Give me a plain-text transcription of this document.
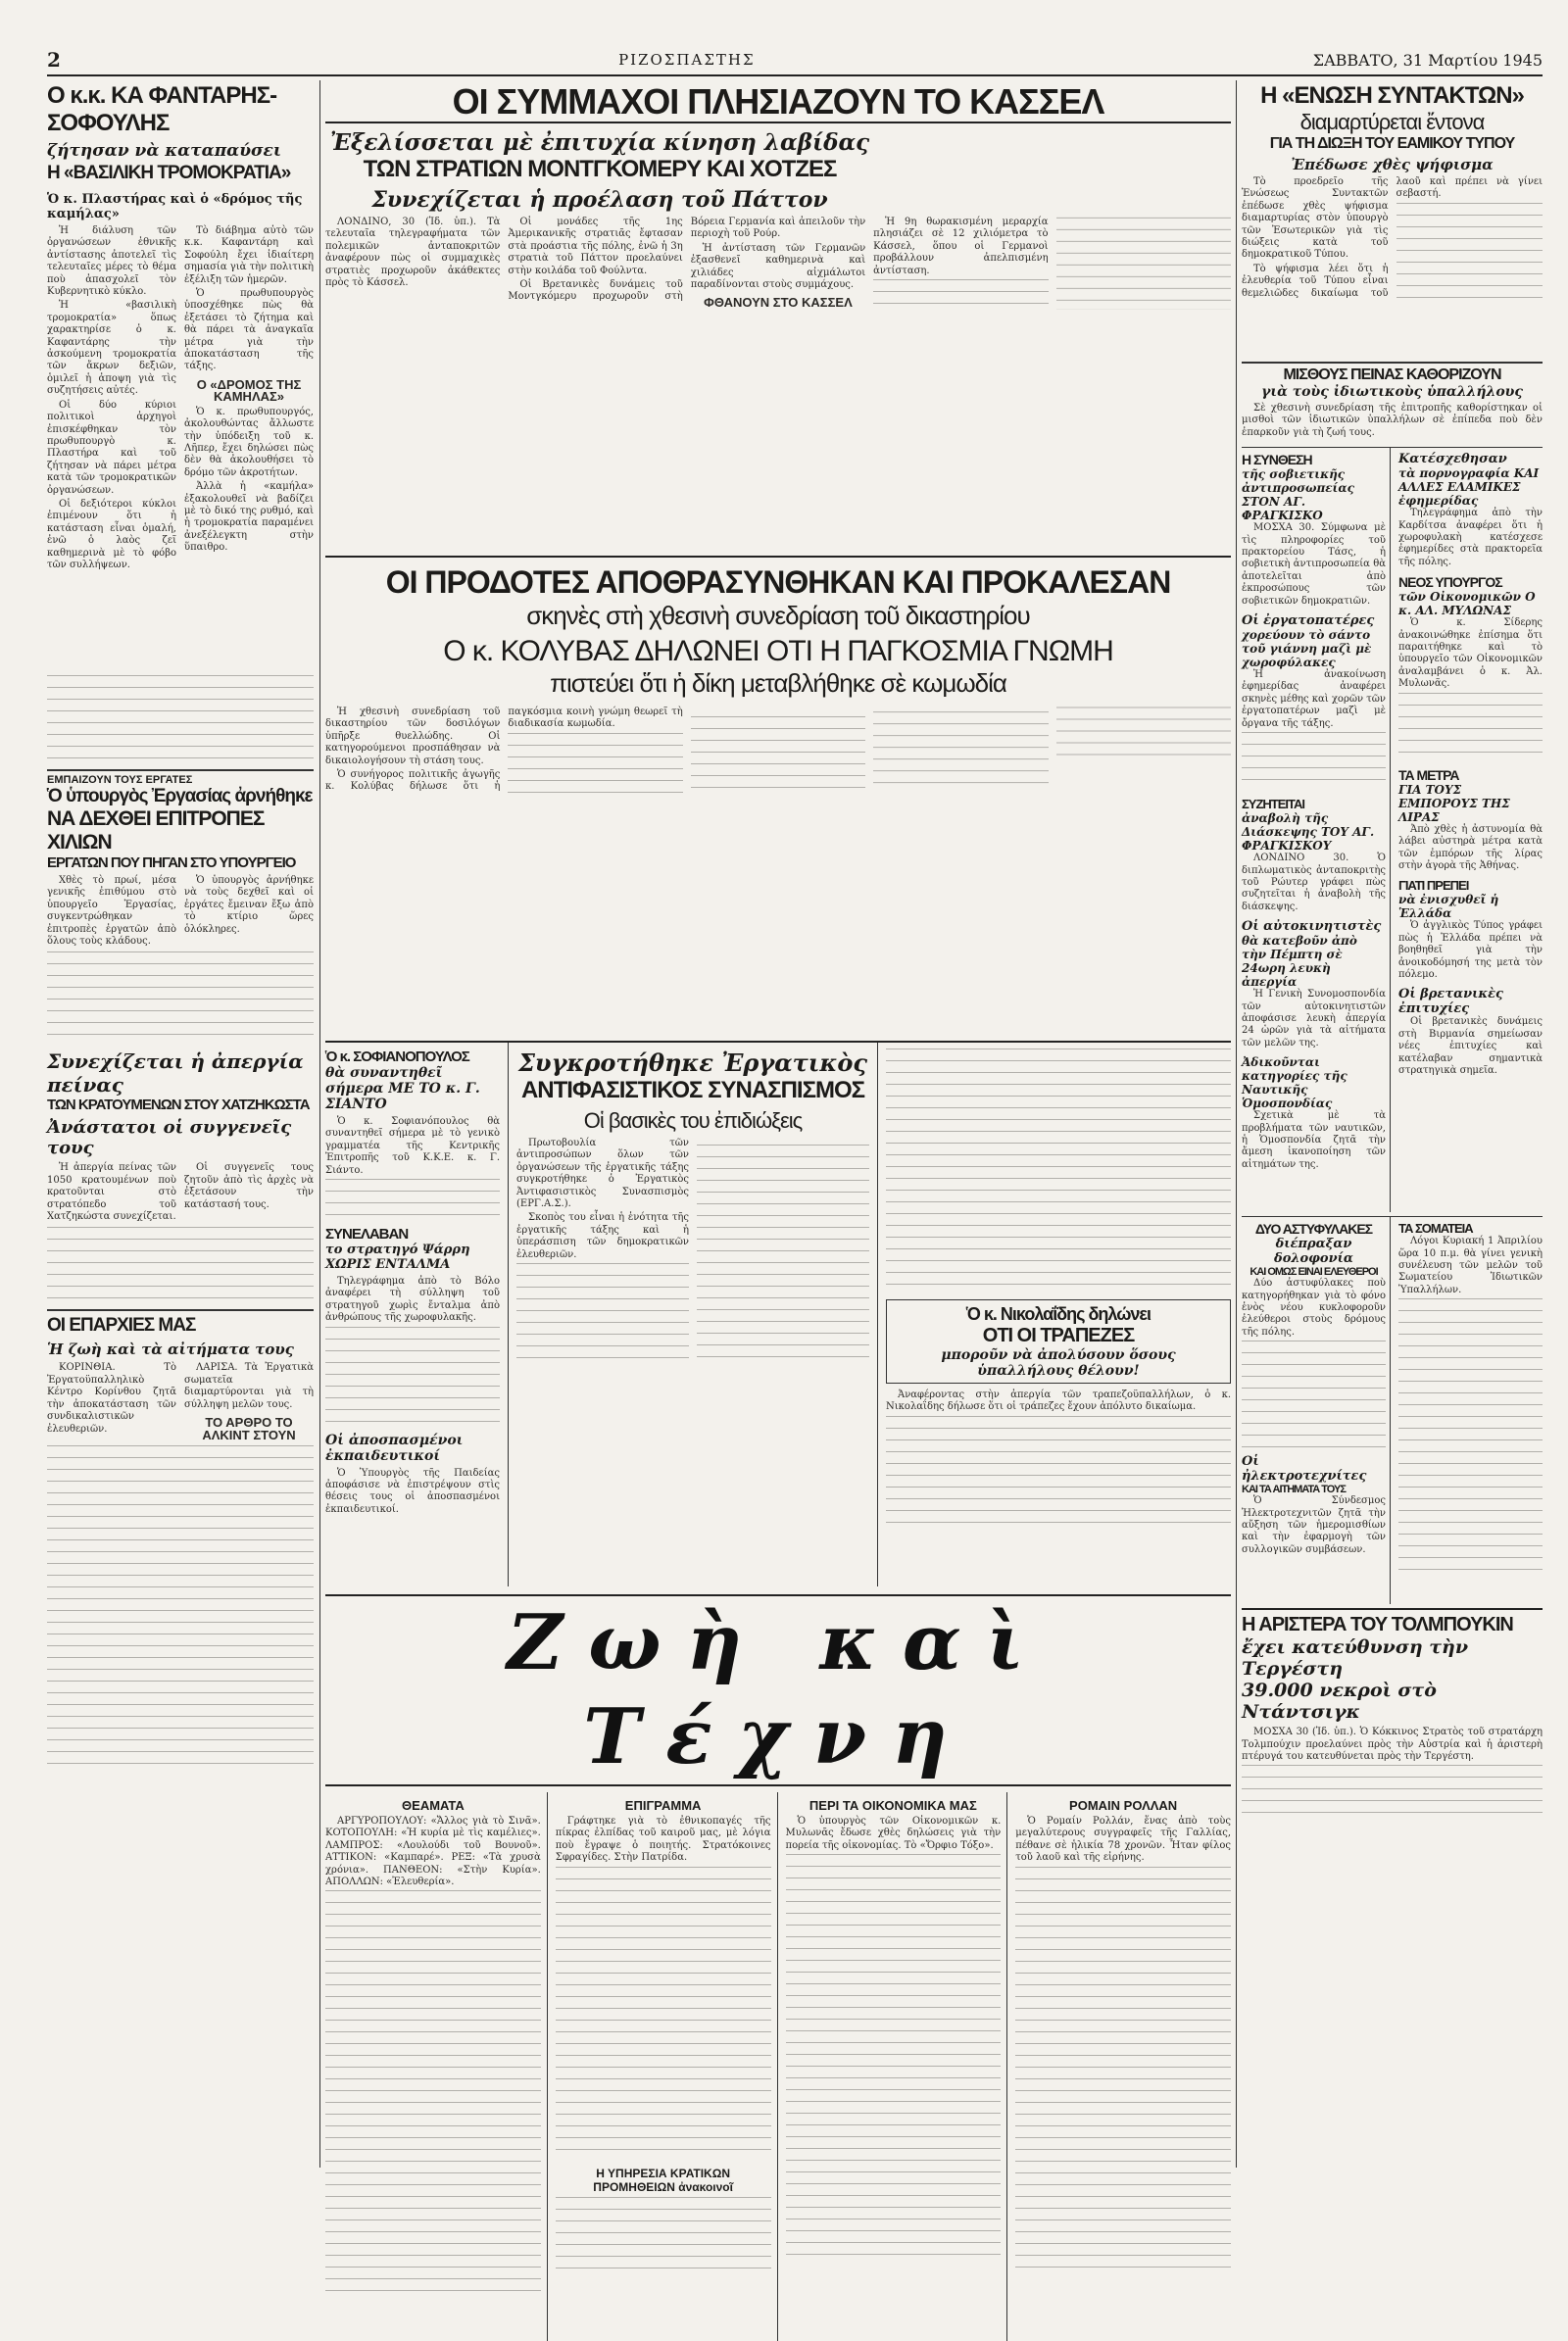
2	ΡΙΖΟΣΠΑΣΤΗΣ	ΣΑΒΒΑΤΟ, 31 Μαρτίου 1945
Ο κ.κ. ΚΑ ΦΑΝΤΑΡΗΣ-ΣΟΦΟΥΛΗΣ
ζήτησαν νὰ καταπαύσει
Η «ΒΑΣΙΛΙΚΗ ΤΡΟΜΟΚΡΑΤΙΑ»
Ὁ κ. Πλαστήρας καὶ ὁ «δρόμος τῆς καμήλας»

Ἡ διάλυση τῶν ὀργανώσεων ἐθνικῆς ἀντίστασης ἀποτελεῖ τὶς τελευταῖες μέρες τὸ θέμα ποὺ ἀπασχολεῖ τὸν Κυβερνητικὸ κύκλο.

Ἡ «βασιλικὴ τρομοκρατία» ὅπως χαρακτηρίσε ὁ κ. Καφαντάρης τὴν ἀσκούμενη τρομοκρατία τῶν ἄκρων δεξιῶν, ὁμιλεῖ ἡ ἀποψη γιὰ τὶς συζητήσεις αὐτές.

Οἱ δύο κύριοι πολιτικοὶ ἀρχηγοὶ ἐπισκέφθηκαν τὸν πρωθυπουργὸ κ. Πλαστήρα καὶ τοῦ ζήτησαν νὰ πάρει μέτρα κατὰ τῶν τρομοκρατικῶν ὀργανώσεων.

Οἱ δεξιότεροι κύκλοι ἐπιμένουν ὅτι ἡ κατάσταση εἶναι ὁμαλή, ἐνῶ ὁ λαὸς ζεῖ καθημερινὰ μὲ τὸ φόβο τῶν συλλήψεων.

Τὸ διάβημα αὐτὸ τῶν κ.κ. Καφαντάρη καὶ Σοφούλη ἔχει ἰδιαίτερη σημασία γιὰ τὴν πολιτικὴ ἐξέλιξη τῶν ἡμερῶν.

Ὁ πρωθυπουργὸς ὑποσχέθηκε πὼς θὰ ἐξετάσει τὸ ζήτημα καὶ θὰ πάρει τὰ ἀναγκαῖα μέτρα γιὰ τὴν ἀποκατάσταση τῆς τάξης.

Ο «ΔΡΟΜΟΣ ΤΗΣ ΚΑΜΗΛΑΣ»

Ὁ κ. πρωθυπουργός, ἀκολουθώντας ἄλλωστε τὴν ὑπόδειξη τοῦ κ. Λῆπερ, ἔχει δηλώσει πὼς δὲν θὰ ἀκολουθήσει τὸ δρόμο τῶν ἀκροτήτων.

Ἀλλὰ ἡ «καμήλα» ἐξακολουθεῖ νὰ βαδίζει μὲ τὸ δικό της ρυθμό, καὶ ἡ τρομοκρατία παραμένει ἀνεξέλεγκτη στὴν ὕπαιθρο.

ΕΜΠΑΙΖΟΥΝ ΤΟΥΣ ΕΡΓΑΤΕΣ
Ὁ ὑπουργὸς Ἐργασίας ἀρνήθηκε
ΝΑ ΔΕΧΘΕΙ ΕΠΙΤΡΟΠΕΣ ΧΙΛΙΩΝ
ΕΡΓΑΤΩΝ ΠΟΥ ΠΗΓΑΝ ΣΤΟ ΥΠΟΥΡΓΕΙΟ

Χθὲς τὸ πρωί, μέσα γενικῆς ἐπιθύμου στὸ ὑπουργεῖο Ἐργασίας, συγκεντρώθηκαν ἐπιτροπὲς ἐργατῶν ἀπὸ ὅλους τοὺς κλάδους.

Ὁ ὑπουργὸς ἀρνήθηκε νὰ τοὺς δεχθεῖ καὶ οἱ ἐργάτες ἔμειναν ἔξω ἀπὸ τὸ κτίριο ὥρες ὁλόκληρες.

Συνεχίζεται ἡ ἀπεργία πείνας
ΤΩΝ ΚΡΑΤΟΥΜΕΝΩΝ ΣΤΟΥ ΧΑΤΖΗΚΩΣΤΑ
Ἀνάστατοι οἱ συγγενεῖς τους

Ἡ ἀπεργία πείνας τῶν 1050 κρατουμένων ποὺ κρατοῦνται στὸ στρατόπεδο τοῦ Χατζηκώστα συνεχίζεται.

Οἱ συγγενεῖς τους ζητοῦν ἀπὸ τὶς ἀρχὲς νὰ ἐξετάσουν τὴν κατάστασή τους.

ΟΙ ΕΠΑΡΧΙΕΣ ΜΑΣ
Ἡ ζωὴ καὶ τὰ αἰτήματα τους

ΚΟΡΙΝΘΙΑ. Τὸ Ἐργατοϋπαλληλικὸ Κέντρο Κορίνθου ζητᾶ τὴν ἀποκατάσταση τῶν συνδικαλιστικῶν ἐλευθεριῶν.

ΛΑΡΙΣΑ. Τὰ Ἐργατικὰ σωματεῖα διαμαρτύρονται γιὰ τὴ σύλληψη μελῶν τους.

ΤΟ ΑΡΘΡΟ ΤΟ ΑΛΚΙΝΤ ΣΤΟΥΝ
ΟΙ ΣΥΜΜΑΧΟΙ ΠΛΗΣΙΑΖΟΥΝ ΤΟ ΚΑΣΣΕΛ
Ἐξελίσσεται μὲ ἐπιτυχία κίνηση λαβίδας
ΤΩΝ ΣΤΡΑΤΙΩΝ ΜΟΝΤΓΚΟΜΕΡΥ ΚΑΙ ΧΟΤΖΕΣ
Συνεχίζεται ἡ προέλαση τοῦ Πάττον

ΛΟΝΔΙΝΟ, 30 (Ἰδ. ὑπ.). Τὰ τελευταῖα τηλεγραφήματα τῶν πολεμικῶν ἀνταποκριτῶν ἀναφέρουν πὼς οἱ συμμαχικὲς στρατιὲς προχωροῦν ἀκάθεκτες πρὸς τὸ Κάσσελ.

Οἱ μονάδες τῆς 1ης Ἀμερικανικῆς στρατιᾶς ἔφτασαν στὰ προάστια τῆς πόλης, ἐνῶ ἡ 3η στρατιὰ τοῦ Πάττον προελαύνει στὴν κοιλάδα τοῦ Φούλντα.

Οἱ Βρετανικὲς δυνάμεις τοῦ Μοντγκόμερυ προχωροῦν στὴ Βόρεια Γερμανία καὶ ἀπειλοῦν τὴν περιοχὴ τοῦ Ρούρ.

Ἡ ἀντίσταση τῶν Γερμανῶν ἐξασθενεῖ καθημερινὰ καὶ χιλιάδες αἰχμάλωτοι παραδίνονται στοὺς συμμάχους.

ΦΘΑΝΟΥΝ ΣΤΟ ΚΑΣΣΕΛ

Ἡ 9η θωρακισμένη μεραρχία πλησιάζει σὲ 12 χιλιόμετρα τὸ Κάσσελ, ὅπου οἱ Γερμανοὶ προβάλλουν ἀπελπισμένη ἀντίσταση.

ΟΙ ΠΡΟΔΟΤΕΣ ΑΠΟΘΡΑΣΥΝΘΗΚΑΝ ΚΑΙ ΠΡΟΚΑΛΕΣΑΝ
σκηνὲς στὴ χθεσινὴ συνεδρίαση τοῦ δικαστηρίου
Ο κ. ΚΟΛΥΒΑΣ ΔΗΛΩΝΕΙ ΟΤΙ Η ΠΑΓΚΟΣΜΙΑ ΓΝΩΜΗ
πιστεύει ὅτι ἡ δίκη μεταβλήθηκε σὲ κωμωδία

Ἡ χθεσινὴ συνεδρίαση τοῦ δικαστηρίου τῶν δοσιλόγων ὑπῆρξε θυελλώδης. Οἱ κατηγορούμενοι προσπάθησαν νὰ δικαιολογήσουν τὴ στάση τους.

Ὁ συνήγορος πολιτικῆς ἀγωγῆς κ. Κολύβας δήλωσε ὅτι ἡ παγκόσμια κοινὴ γνώμη θεωρεῖ τὴ διαδικασία κωμωδία.

Ὁ κ. ΣΟΦΙΑΝΟΠΟΥΛΟΣ
θὰ συναντηθεῖ σήμερα ΜΕ ΤΟ κ. Γ. ΣΙΑΝΤΟ

Ὁ κ. Σοφιανόπουλος θὰ συναντηθεῖ σήμερα μὲ τὸ γενικὸ γραμματέα τῆς Κεντρικῆς Ἐπιτροπῆς τοῦ Κ.Κ.Ε. κ. Γ. Σιάντο.

ΣΥΝΕΛΑΒΑΝ
το στρατηγό Ψάρρη ΧΩΡΙΣ ΕΝΤΑΛΜΑ

Τηλεγράφημα ἀπὸ τὸ Βόλο ἀναφέρει τὴ σύλληψη τοῦ στρατηγοῦ χωρὶς ἔνταλμα ἀπὸ ἀνθρώπους τῆς χωροφυλακῆς.

Οἱ ἀποσπασμένοι ἐκπαιδευτικοί

Ὁ Ὑπουργὸς τῆς Παιδείας ἀποφάσισε νὰ ἐπιστρέψουν στὶς θέσεις τους οἱ ἀποσπασμένοι ἐκπαιδευτικοί.

Συγκροτήθηκε Ἐργατικὸς
ΑΝΤΙΦΑΣΙΣΤΙΚΟΣ ΣΥΝΑΣΠΙΣΜΟΣ
Οἱ βασικὲς του ἐπιδιώξεις

Πρωτοβουλία τῶν ἀντιπροσώπων ὅλων τῶν ὀργανώσεων τῆς ἐργατικῆς τάξης συγκροτήθηκε ὁ Ἐργατικὸς Ἀντιφασιστικὸς Συνασπισμὸς (ΕΡΓ.Α.Σ.).

Σκοπὸς του εἶναι ἡ ἑνότητα τῆς ἐργατικῆς τάξης καὶ ἡ ὑπεράσπιση τῶν δημοκρατικῶν ἐλευθεριῶν.

Ὁ κ. Νικολαΐδης δηλώνει
ΟΤΙ ΟΙ ΤΡΑΠΕΖΕΣ
μποροῦν νὰ ἀπολύσουν ὅσους ὑπαλλήλους θέλουν!

Ἀναφέροντας στὴν ἀπεργία τῶν τραπεζοϋπαλλήλων, ὁ κ. Νικολαΐδης δήλωσε ὅτι οἱ τράπεζες ἔχουν ἀπόλυτο δικαίωμα.

Ζωὴ καὶ Τέχνη
ΘΕΑΜΑΤΑ

ΑΡΓΥΡΟΠΟΥΛΟΥ: «Ἄλλος γιὰ τὸ Σινᾶ». ΚΟΤΟΠΟΥΛΗ: «Ἡ κυρία μὲ τὶς καμέλιες». ΛΑΜΠΡΟΣ: «Λουλούδι τοῦ Βουνοῦ». ΑΤΤΙΚΟΝ: «Καμπαρέ». ΡΕΞ: «Τὰ χρυσὰ χρόνια». ΠΑΝΘΕΟΝ: «Στὴν Κυρία». ΑΠΟΛΛΩΝ: «Ἐλευθερία».

ΕΠΙΓΡΑΜΜΑ

Γράφτηκε γιὰ τὸ ἐθνικοπαγές τῆς πίκρας ἐλπίδας τοῦ καιροῦ μας, μὲ λόγια ποὺ ἔγραψε ὁ ποιητής. Στρατόκοινες Σφραγίδες. Στὴν Πατρίδα.

Η ΥΠΗΡΕΣΙΑ ΚΡΑΤΙΚΩΝ ΠΡΟΜΗΘΕΙΩΝ ἀνακοινοῖ
ΠΕΡΙ ΤΑ ΟΙΚΟΝΟΜΙΚΑ ΜΑΣ

Ὁ ὑπουργὸς τῶν Οἰκονομικῶν κ. Μυλωνᾶς ἔδωσε χθὲς δηλώσεις γιὰ τὴν πορεία τῆς οἰκονομίας. Τὸ «Ὄρφιο Τόξο».

ΡΟΜΑΙΝ ΡΟΛΛΑΝ

Ὁ Ρομαίν Ρολλάν, ἕνας ἀπὸ τοὺς μεγαλύτερους συγγραφεῖς τῆς Γαλλίας, πέθανε σὲ ἡλικία 78 χρονῶν. Ἦταν φίλος τοῦ λαοῦ καὶ τῆς εἰρήνης.

Η «ΕΝΩΣΗ ΣΥΝΤΑΚΤΩΝ»
διαμαρτύρεται ἔντονα
ΓΙΑ ΤΗ ΔΙΩΞΗ ΤΟΥ ΕΑΜΙΚΟΥ ΤΥΠΟΥ
Ἐπέδωσε χθὲς ψήφισμα

Τὸ προεδρεῖο τῆς Ἑνώσεως Συντακτῶν ἐπέδωσε χθὲς ψήφισμα διαμαρτυρίας στὸν ὑπουργὸ τῶν Ἐσωτερικῶν γιὰ τὶς διώξεις κατὰ τοῦ δημοκρατικοῦ Τύπου.

Τὸ ψήφισμα λέει ὅτι ἡ ἐλευθερία τοῦ Τύπου εἶναι θεμελιῶδες δικαίωμα τοῦ λαοῦ καὶ πρέπει νὰ γίνει σεβαστή.

ΜΙΣΘΟΥΣ ΠΕΙΝΑΣ ΚΑΘΟΡΙΖΟΥΝ
γιὰ τοὺς ἰδιωτικοὺς ὑπαλλήλους

Σὲ χθεσινὴ συνεδρίαση τῆς ἐπιτροπῆς καθορίστηκαν οἱ μισθοὶ τῶν ἰδιωτικῶν ὑπαλλήλων σὲ ἐπίπεδα ποὺ δὲν ἐπαρκοῦν γιὰ τὴ ζωή τους.

Η ΣΥΝΘΕΣΗ
τῆς σοβιετικῆς ἀντιπροσωπείας ΣΤΟΝ ΑΓ. ΦΡΑΓΚΙΣΚΟ

ΜΟΣΧΑ 30. Σύμφωνα μὲ τὶς πληροφορίες τοῦ πρακτορείου Τάσς, ἡ σοβιετικὴ ἀντιπροσωπεία θὰ ἀποτελεῖται ἀπὸ ἐκπροσώπους τῶν σοβιετικῶν δημοκρατιῶν.

Οἱ ἐργατοπατέρες
χορεύουν τὸ σάντο τοῦ γιάννη μαζὶ μὲ χωροφύλακες

Ἡ ἀνακοίνωση ἐφημερίδας ἀναφέρει σκηνὲς μέθης καὶ χορῶν τῶν ἐργατοπατέρων μαζὶ μὲ ὄργανα τῆς τάξης.

ΣΥΖΗΤΕΙΤΑΙ
ἀναβολὴ τῆς Διάσκεψης ΤΟΥ ΑΓ. ΦΡΑΓΚΙΣΚΟΥ

ΛΟΝΔΙΝΟ 30. Ὁ διπλωματικὸς ἀνταποκριτὴς τοῦ Ρώυτερ γράφει πὼς συζητεῖται ἡ ἀναβολὴ τῆς διάσκεψης.

Οἱ αὐτοκινητιστὲς
θὰ κατεβοῦν ἀπὸ τὴν Πέμπτη σὲ 24ωρη λευκὴ ἀπεργία

Ἡ Γενικὴ Συνομοσπονδία τῶν αὐτοκινητιστῶν ἀποφάσισε λευκὴ ἀπεργία 24 ὡρῶν γιὰ τὰ αἰτήματα τῶν μελῶν της.

Ἀδικοῦνται κατηγορίες τῆς Ναυτικῆς Ὁμοσπονδίας

Σχετικὰ μὲ τὰ προβλήματα τῶν ναυτικῶν, ἡ Ὁμοσπονδία ζητᾶ τὴν ἄμεση ἱκανοποίηση τῶν αἰτημάτων της.

Κατέσχεθησαν
τὰ πορνογραφία ΚΑΙ ΑΛΛΕΣ ΕΛΑΜΙΚΕΣ ἐφημερίδας

Τηλεγράφημα ἀπὸ τὴν Καρδίτσα ἀναφέρει ὅτι ἡ χωροφυλακὴ κατέσχεσε ἐφημερίδες στὰ πρακτορεῖα τῆς πόλης.

ΝΕΟΣ ΥΠΟΥΡΓΟΣ
τῶν Οἰκονομικῶν Ο κ. ΑΛ. ΜΥΛΩΝΑΣ

Ὁ κ. Σίδερης ἀνακοινώθηκε ἐπίσημα ὅτι παραιτήθηκε καὶ τὸ ὑπουργεῖο τῶν Οἰκονομικῶν ἀναλαμβάνει ὁ κ. Ἀλ. Μυλωνᾶς.

ΤΑ ΜΕΤΡΑ
ΓΙΑ ΤΟΥΣ ΕΜΠΟΡΟΥΣ ΤΗΣ ΛΙΡΑΣ

Ἀπὸ χθὲς ἡ ἀστυνομία θὰ λάβει αὐστηρὰ μέτρα κατὰ τῶν ἐμπόρων τῆς λίρας στὴν ἀγορὰ τῆς Ἀθήνας.

ΓΙΑΤΙ ΠΡΕΠΕΙ
νὰ ἐνισχυθεῖ ἡ Ἑλλάδα

Ὁ ἀγγλικὸς Τύπος γράφει πὼς ἡ Ἑλλάδα πρέπει νὰ βοηθηθεῖ γιὰ τὴν ἀνοικοδόμησή της μετὰ τὸν πόλεμο.

Οἱ βρετανικὲς ἐπιτυχίες

Οἱ βρετανικὲς δυνάμεις στὴ Βιρμανία σημείωσαν νέες ἐπιτυχίες καὶ κατέλαβαν σημαντικὰ στρατηγικὰ σημεῖα.

ΔΥΟ ΑΣΤΥΦΥΛΑΚΕΣ
διέπραξαν δολοφονία
ΚΑΙ ΟΜΩΣ ΕΙΝΑΙ ΕΛΕΥΘΕΡΟΙ

Δύο ἀστυφύλακες ποὺ κατηγορήθηκαν γιὰ τὸ φόνο ἑνὸς νέου κυκλοφοροῦν ἐλεύθεροι στοὺς δρόμους τῆς πόλης.

Οἱ ἠλεκτροτεχνίτες
ΚΑΙ ΤΑ ΑΙΤΗΜΑΤΑ ΤΟΥΣ

Ὁ Σύνδεσμος Ἠλεκτροτεχνιτῶν ζητᾶ τὴν αὔξηση τῶν ἡμερομισθίων καὶ τὴν ἐφαρμογὴ τῶν συλλογικῶν συμβάσεων.

ΤΑ ΣΟΜΑΤΕΙΑ

Λόγοι Κυριακή 1 Ἀπριλίου ὥρα 10 π.μ. θὰ γίνει γενικὴ συνέλευση τῶν μελῶν τοῦ Σωματείου Ἰδιωτικῶν Ὑπαλλήλων.

Η ΑΡΙΣΤΕΡΑ ΤΟΥ ΤΟΛΜΠΟΥΚΙΝ
ἔχει κατεύθυνση τὴν Τεργέστη
39.000 νεκροὶ στὸ Ντάντσιγκ

ΜΟΣΧΑ 30 (Ἰδ. ὑπ.). Ὁ Κόκκινος Στρατὸς τοῦ στρατάρχη Τολμπούχιν προελαύνει πρὸς τὴν Αὐστρία καὶ ἡ ἀριστερὴ πτέρυγά του κατευθύνεται πρὸς τὴν Τεργέστη.
